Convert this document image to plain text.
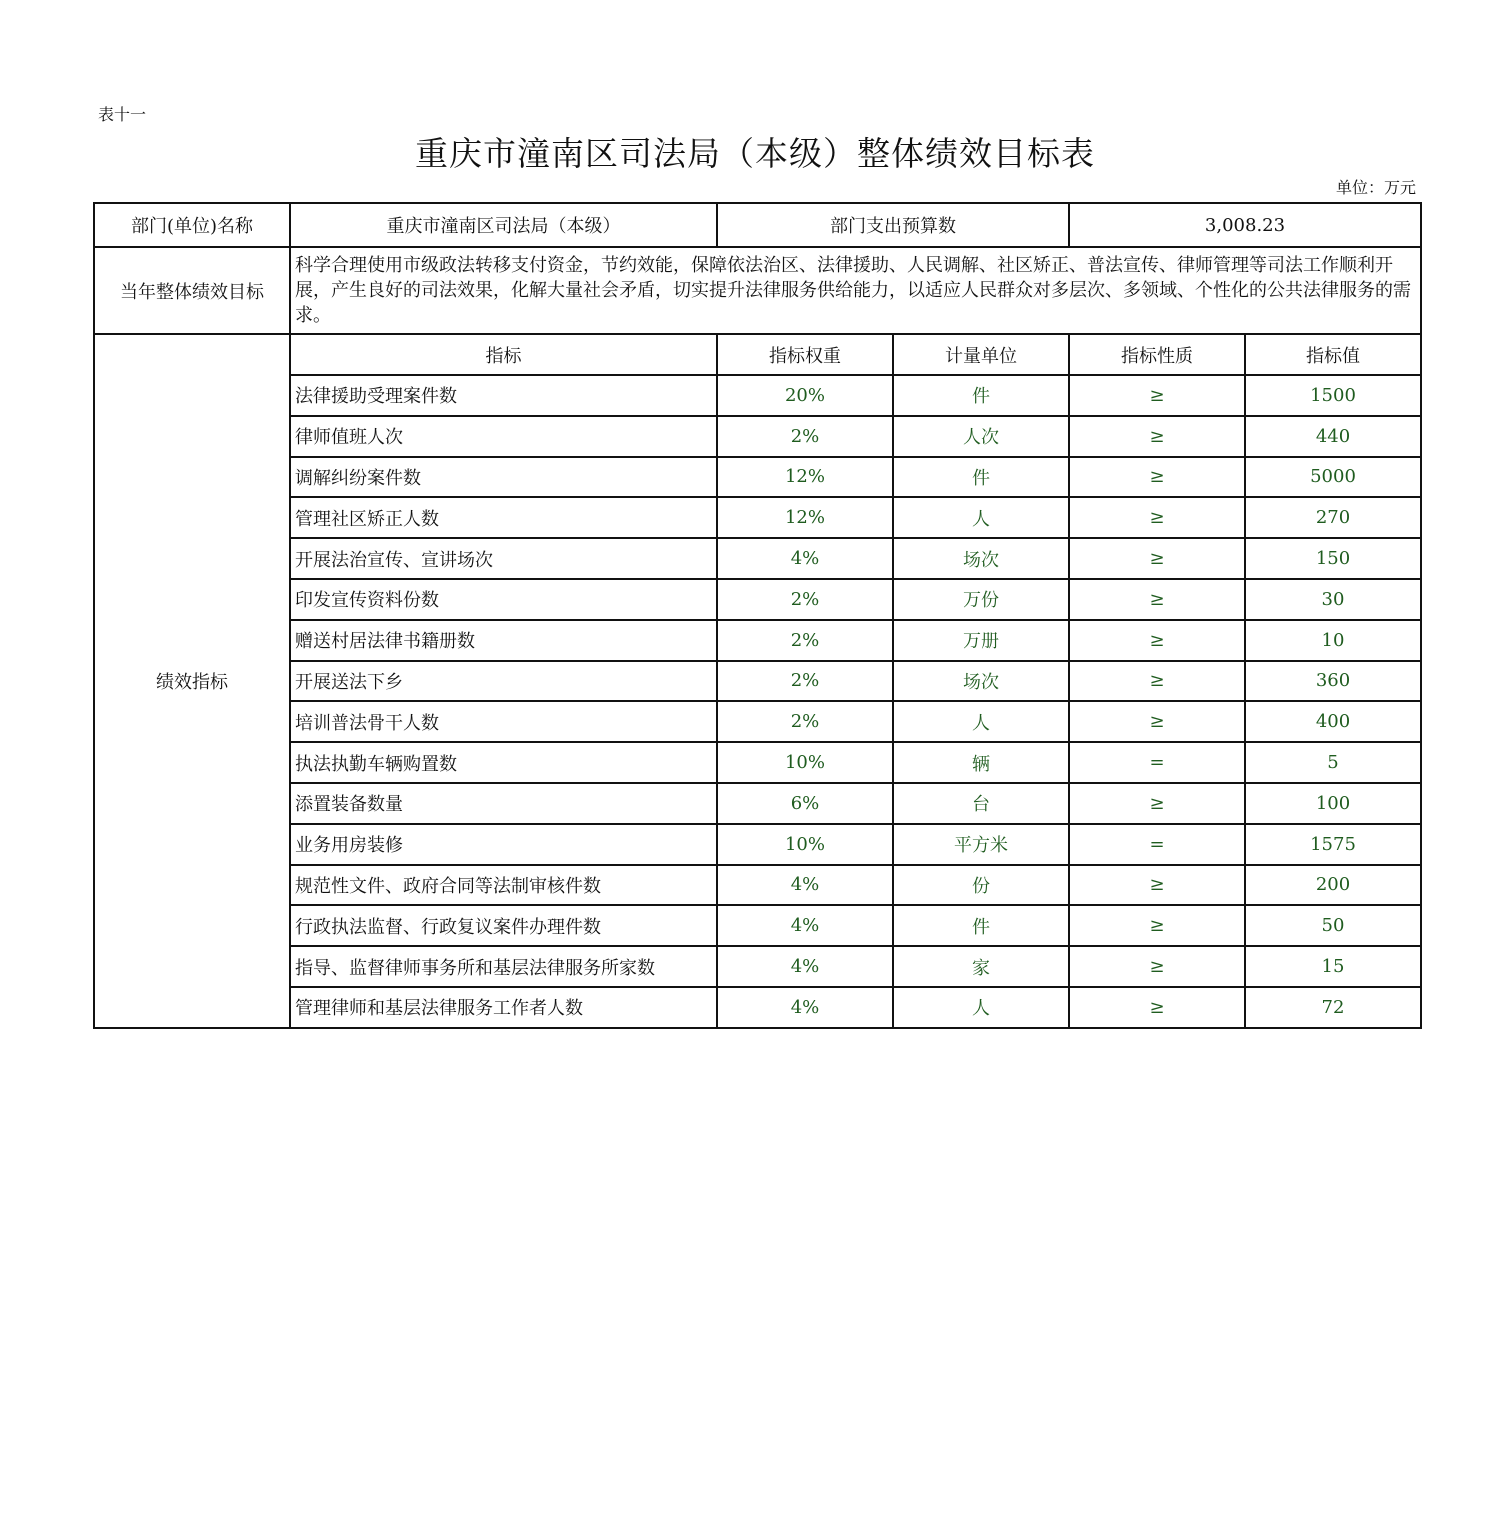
表十一
重庆市潼南区司法局（本级）整体绩效目标表
单位：万元
部门(单位)名称	重庆市潼南区司法局（本级）	部门支出预算数		3,008.23	
当年整体绩效目标	科学合理使用市级政法转移支付资金，节约效能，保障依法治区、法律援助、人民调解、社区矫正、普法宣传、律师管理等司法工作顺利开展，产生良好的司法效果，化解大量社会矛盾，切实提升法律服务供给能力，以适应人民群众对多层次、多领域、个性化的公共法律服务的需求。				
绩效指标	指标	指标权重	计量单位	指标性质	指标值
	法律援助受理案件数	20%	件	≥	1500
	律师值班人次	2%	人次	≥	440
	调解纠纷案件数	12%	件	≥	5000
	管理社区矫正人数	12%	人	≥	270
	开展法治宣传、宣讲场次	4%	场次	≥	150
	印发宣传资料份数	2%	万份	≥	30
	赠送村居法律书籍册数	2%	万册	≥	10
	开展送法下乡	2%	场次	≥	360
	培训普法骨干人数	2%	人	≥	400
	执法执勤车辆购置数	10%	辆	=	5
	添置装备数量	6%	台	≥	100
	业务用房装修	10%	平方米	=	1575
	规范性文件、政府合同等法制审核件数	4%	份	≥	200
	行政执法监督、行政复议案件办理件数	4%	件	≥	50
	指导、监督律师事务所和基层法律服务所家数	4%	家	≥	15
	管理律师和基层法律服务工作者人数	4%	人	≥	72
